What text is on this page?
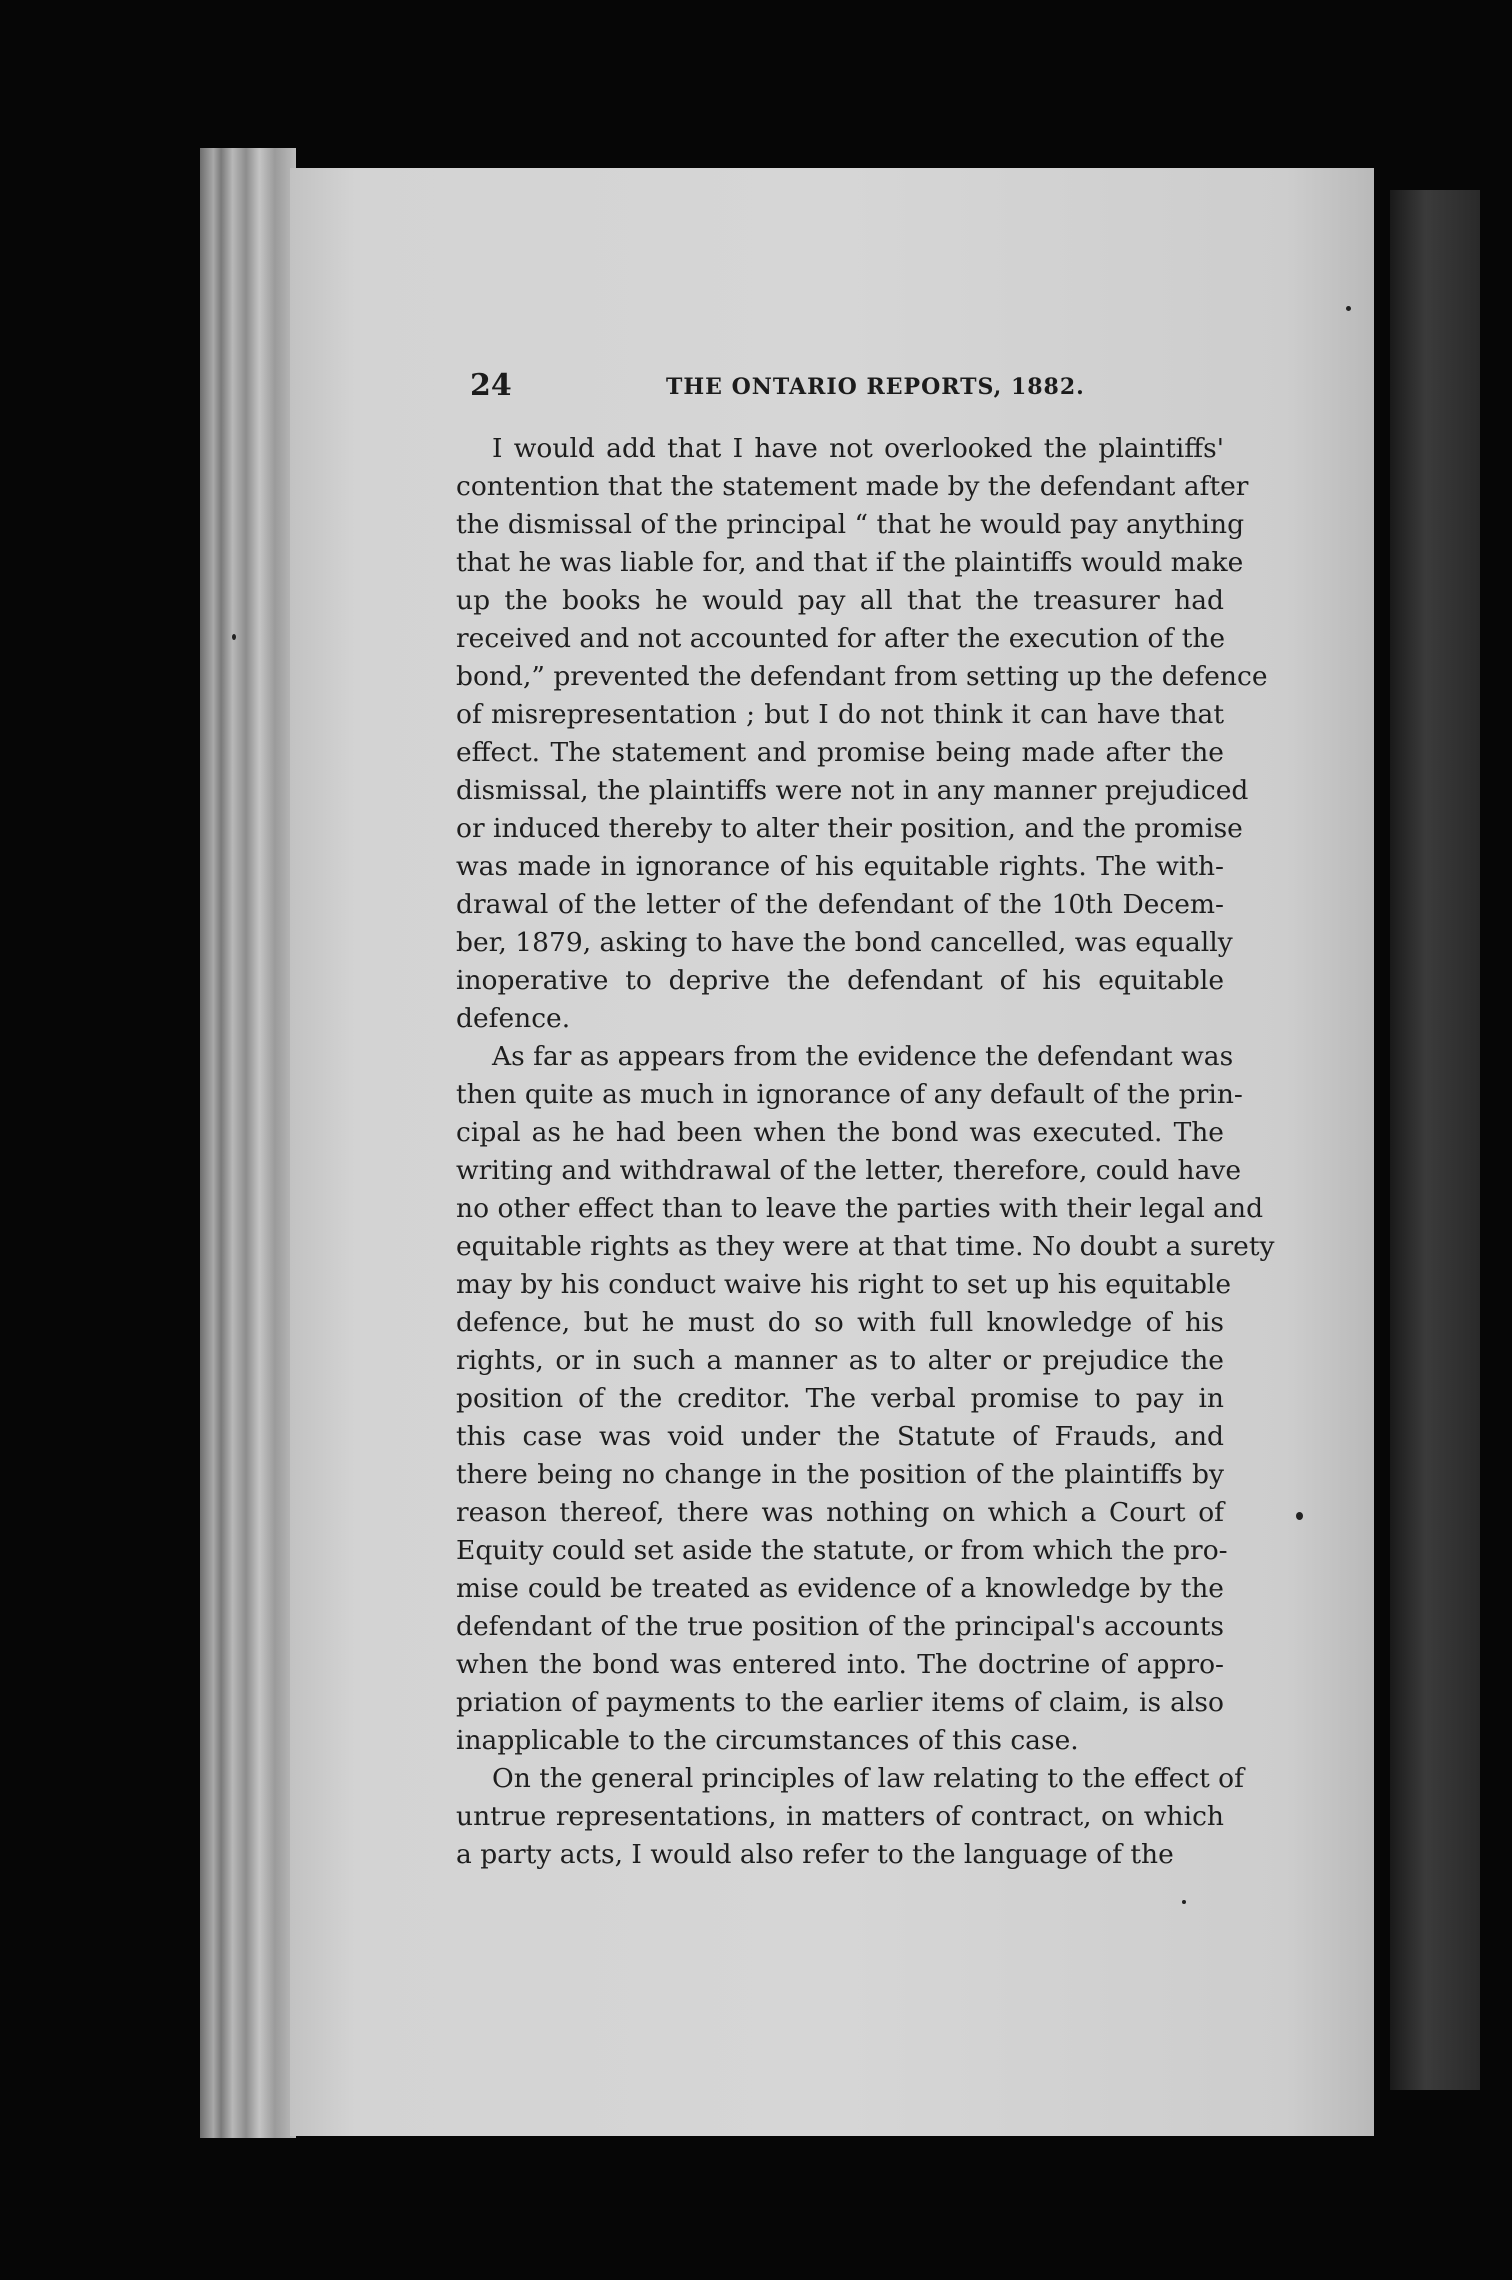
24	THE ONTARIO REPORTS, 1882.
I would add that I have not overlooked the plaintiffs'
contention that the statement made by the defendant after
the dismissal of the principal “ that he would pay anything
that he was liable for, and that if the plaintiffs would make
up the books he would pay all that the treasurer had
received and not accounted for after the execution of the
bond,” prevented the defendant from setting up the defence
of misrepresentation ; but I do not think it can have that
effect. The statement and promise being made after the
dismissal, the plaintiffs were not in any manner prejudiced
or induced thereby to alter their position, and the promise
was made in ignorance of his equitable rights. The with-
drawal of the letter of the defendant of the 10th Decem-
ber, 1879, asking to have the bond cancelled, was equally
inoperative to deprive the defendant of his equitable
defence.
As far as appears from the evidence the defendant was
then quite as much in ignorance of any default of the prin-
cipal as he had been when the bond was executed. The
writing and withdrawal of the letter, therefore, could have
no other effect than to leave the parties with their legal and
equitable rights as they were at that time. No doubt a surety
may by his conduct waive his right to set up his equitable
defence, but he must do so with full knowledge of his
rights, or in such a manner as to alter or prejudice the
position of the creditor. The verbal promise to pay in
this case was void under the Statute of Frauds, and
there being no change in the position of the plaintiffs by
reason thereof, there was nothing on which a Court of
Equity could set aside the statute, or from which the pro-
mise could be treated as evidence of a knowledge by the
defendant of the true position of the principal's accounts
when the bond was entered into. The doctrine of appro-
priation of payments to the earlier items of claim, is also
inapplicable to the circumstances of this case.
On the general principles of law relating to the effect of
untrue representations, in matters of contract, on which
a party acts, I would also refer to the language of the
